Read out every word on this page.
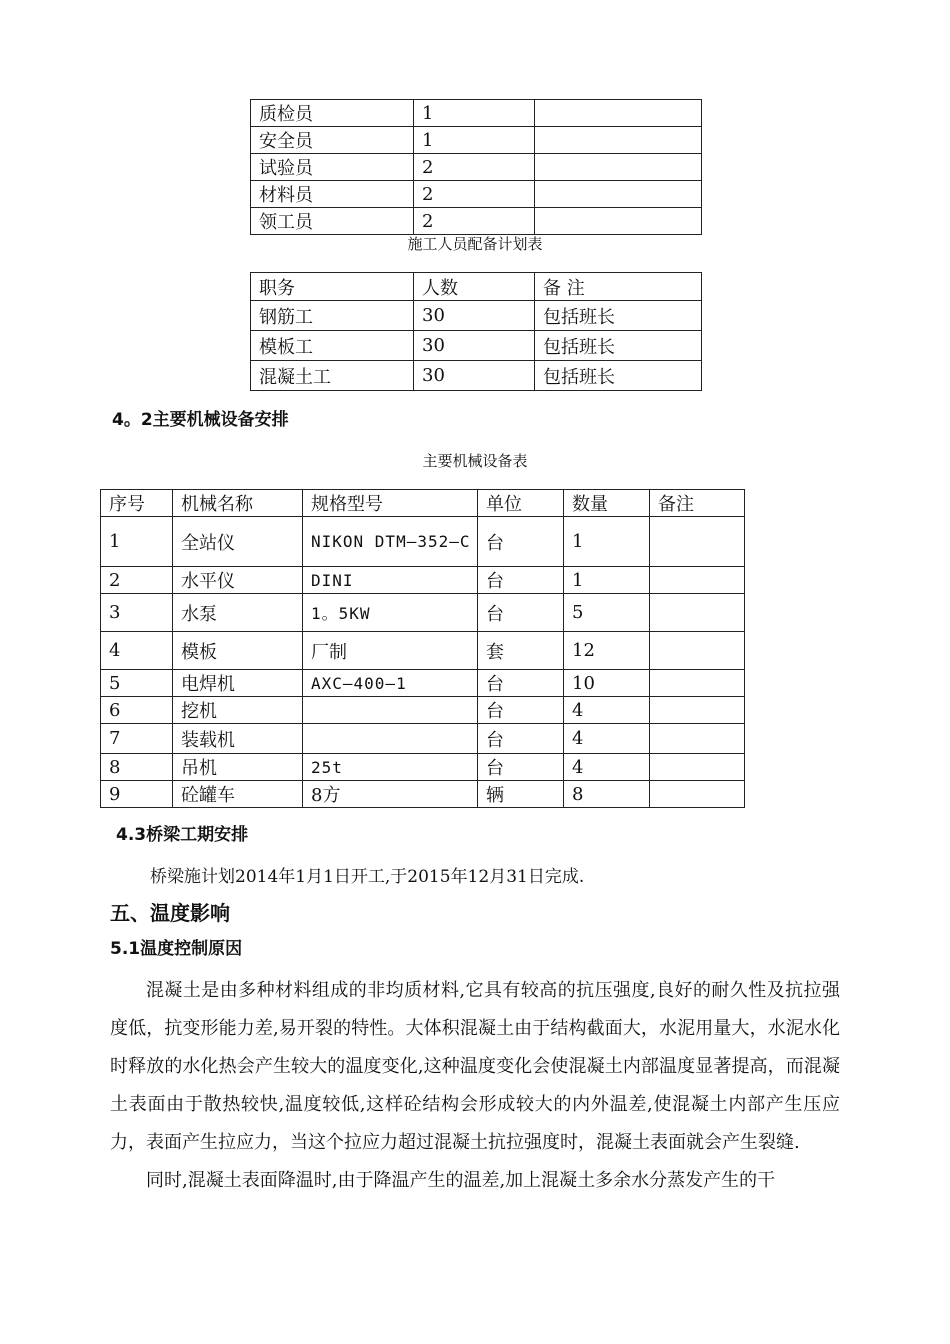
质检员	1	
安全员	1	
试验员	2	
材料员	2	
领工员	2	
施工人员配备计划表
职务	人数	备 注
钢筋工	30	包括班长
模板工	30	包括班长
混凝土工	30	包括班长
4。2主要机械设备安排
主要机械设备表
序号	机械名称	规格型号	单位	数量	备注
1	全站仪	NIKON DTM—352—C	台	1	
2	水平仪	DINI	台	1	
3	水泵	1。5KW	台	5	
4	模板	厂制	套	12	
5	电焊机	AXC—400—1	台	10	
6	挖机		台	4	
7	装载机		台	4	
8	吊机	25t	台	4	
9	砼罐车	8方	辆	8	
4.3桥梁工期安排
桥梁施计划2014年1月1日开工,于2015年12月31日完成.
五、温度影响
5.1温度控制原因

混凝土是由多种材料组成的非均质材料,它具有较高的抗压强度,良好的耐久性及抗拉强度低，抗变形能力差,易开裂的特性。大体积混凝土由于结构截面大，水泥用量大，水泥水化时释放的水化热会产生较大的温度变化,这种温度变化会使混凝土内部温度显著提高，而混凝土表面由于散热较快,温度较低,这样砼结构会形成较大的内外温差,使混凝土内部产生压应力，表面产生拉应力，当这个拉应力超过混凝土抗拉强度时，混凝土表面就会产生裂缝.

同时,混凝土表面降温时,由于降温产生的温差,加上混凝土多余水分蒸发产生的干
